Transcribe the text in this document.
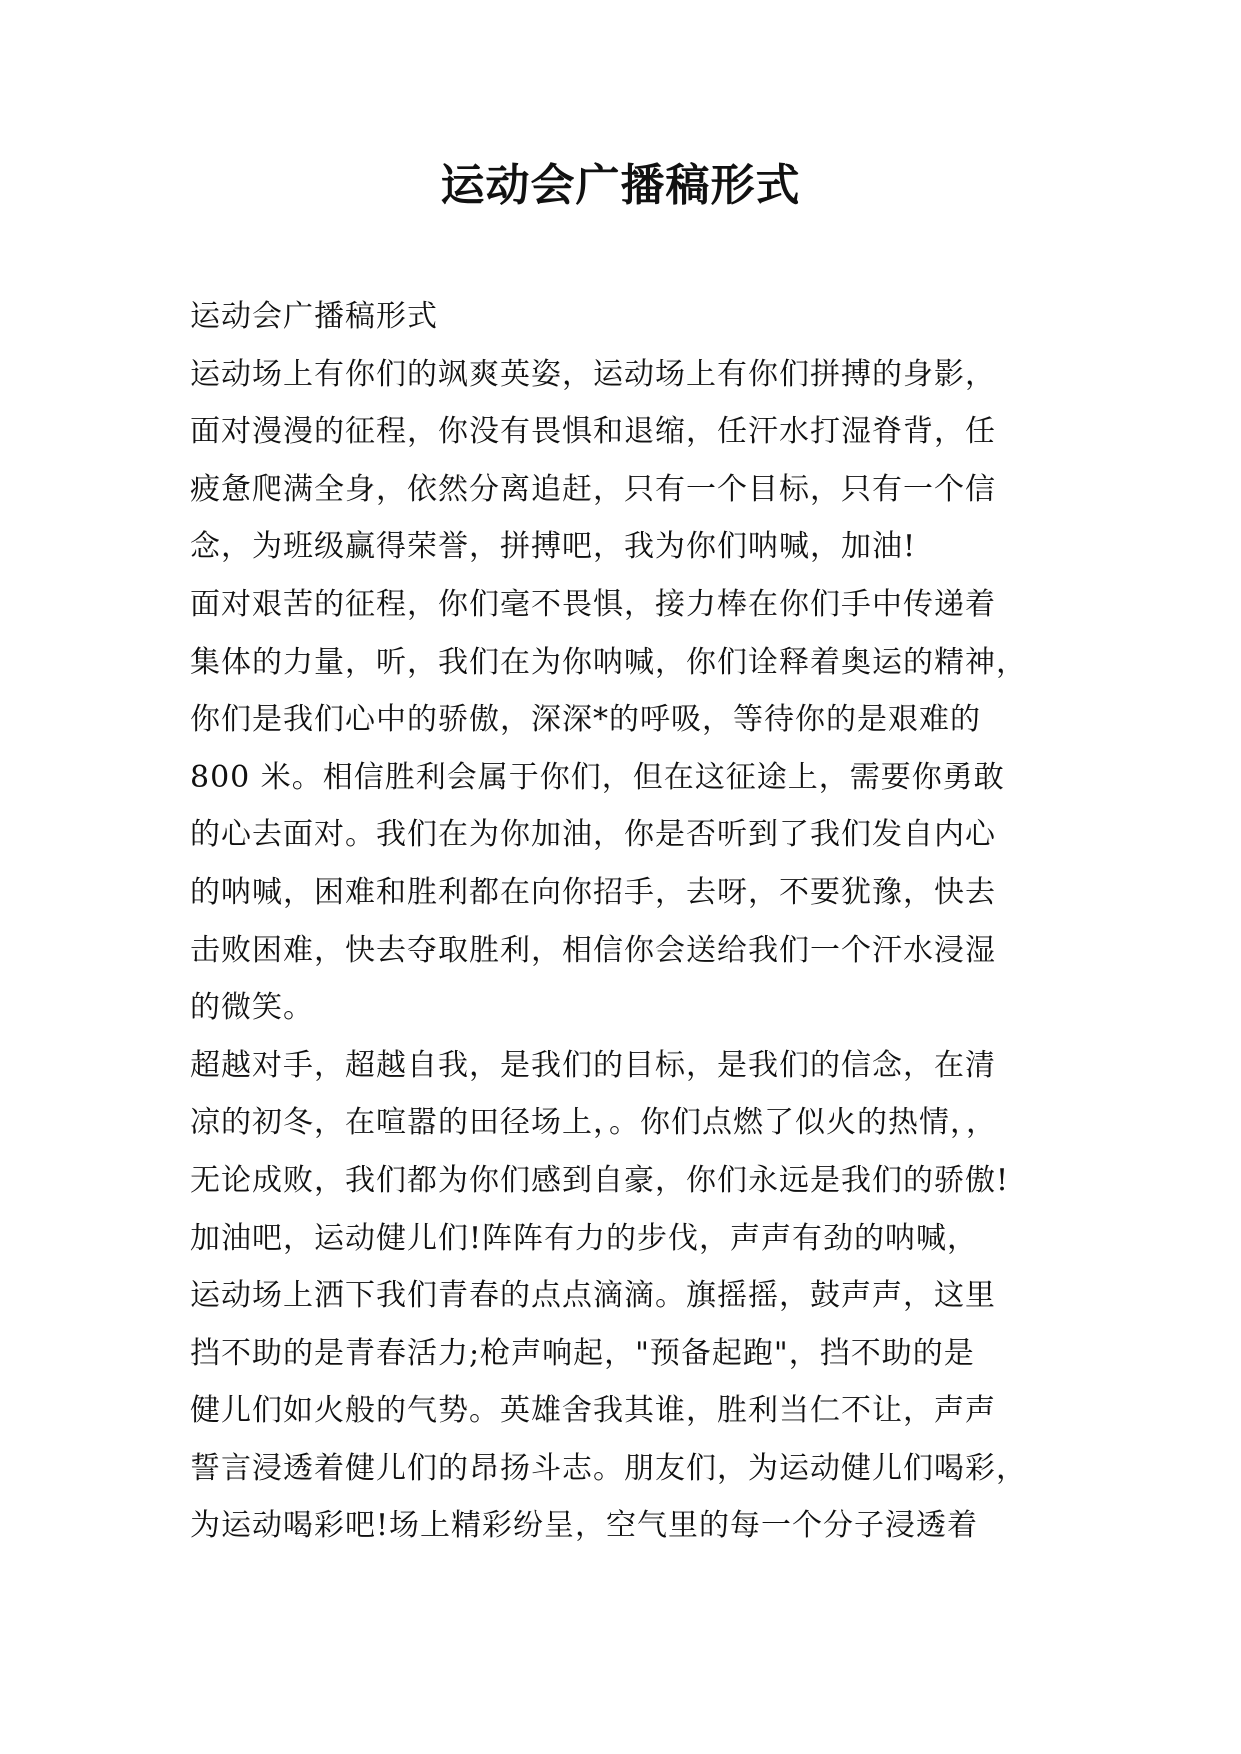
运动会广播稿形式
运动会广播稿形式
运动场上有你们的飒爽英姿，运动场上有你们拼搏的身影，
面对漫漫的征程，你没有畏惧和退缩，任汗水打湿脊背，任
疲惫爬满全身，依然分离追赶，只有一个目标，只有一个信
念，为班级赢得荣誉，拼搏吧，我为你们呐喊，加油!
面对艰苦的征程，你们毫不畏惧，接力棒在你们手中传递着
集体的力量，听，我们在为你呐喊，你们诠释着奥运的精神，
你们是我们心中的骄傲，深深*的呼吸，等待你的是艰难的
800 米。相信胜利会属于你们，但在这征途上，需要你勇敢
的心去面对。我们在为你加油，你是否听到了我们发自内心
的呐喊，困难和胜利都在向你招手，去呀，不要犹豫，快去
击败困难，快去夺取胜利，相信你会送给我们一个汗水浸湿
的微笑。
超越对手，超越自我，是我们的目标，是我们的信念，在清
凉的初冬，在喧嚣的田径场上，。你们点燃了似火的热情，，
无论成败，我们都为你们感到自豪，你们永远是我们的骄傲!
加油吧，运动健儿们!阵阵有力的步伐，声声有劲的呐喊，
运动场上洒下我们青春的点点滴滴。旗摇摇，鼓声声，这里
挡不助的是青春活力;枪声响起，"预备起跑"，挡不助的是
健儿们如火般的气势。英雄舍我其谁，胜利当仁不让，声声
誓言浸透着健儿们的昂扬斗志。朋友们，为运动健儿们喝彩，
为运动喝彩吧!场上精彩纷呈，空气里的每一个分子浸透着
